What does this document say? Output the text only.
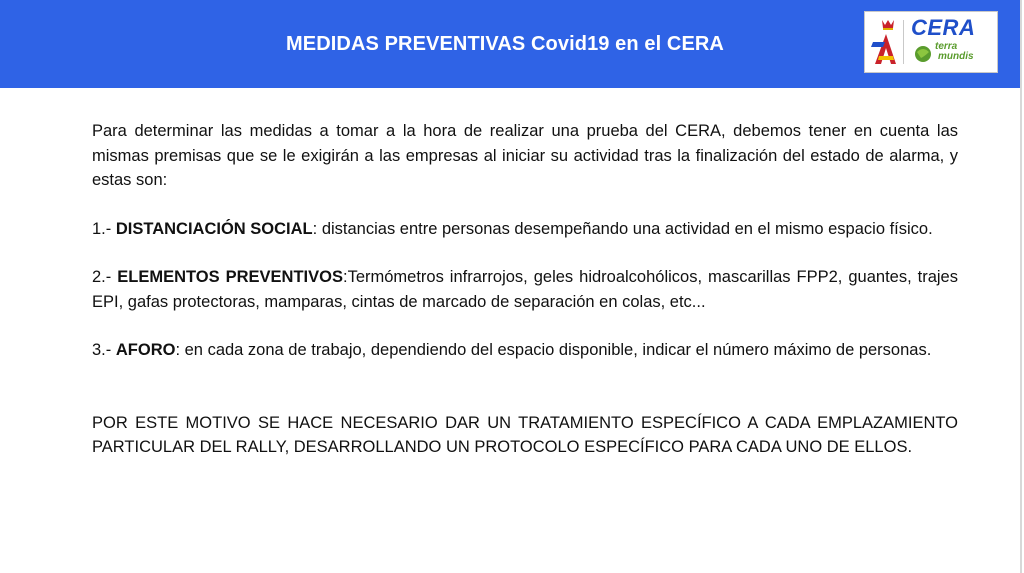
MEDIDAS PREVENTIVAS Covid19 en el CERA
CERA
terra
mundis

Para determinar las medidas a tomar a la hora de realizar una prueba del CERA, debemos tener en cuenta las mismas premisas que se le exigirán a las empresas al iniciar su actividad tras la finalización del estado de alarma, y estas son:

1.- DISTANCIACIÓN SOCIAL: distancias entre personas desempeñando una actividad en el mismo espacio físico.

2.- ELEMENTOS PREVENTIVOS:Termómetros infrarrojos, geles hidroalcohólicos, mascarillas FPP2, guantes, trajes EPI, gafas protectoras, mamparas, cintas de marcado de separación en colas, etc...

3.- AFORO: en cada zona de trabajo, dependiendo del espacio disponible, indicar el número máximo de personas.

POR ESTE MOTIVO SE HACE NECESARIO DAR UN TRATAMIENTO ESPECÍFICO A CADA EMPLAZAMIENTO PARTICULAR DEL RALLY, DESARROLLANDO UN PROTOCOLO ESPECÍFICO PARA CADA UNO DE ELLOS.
